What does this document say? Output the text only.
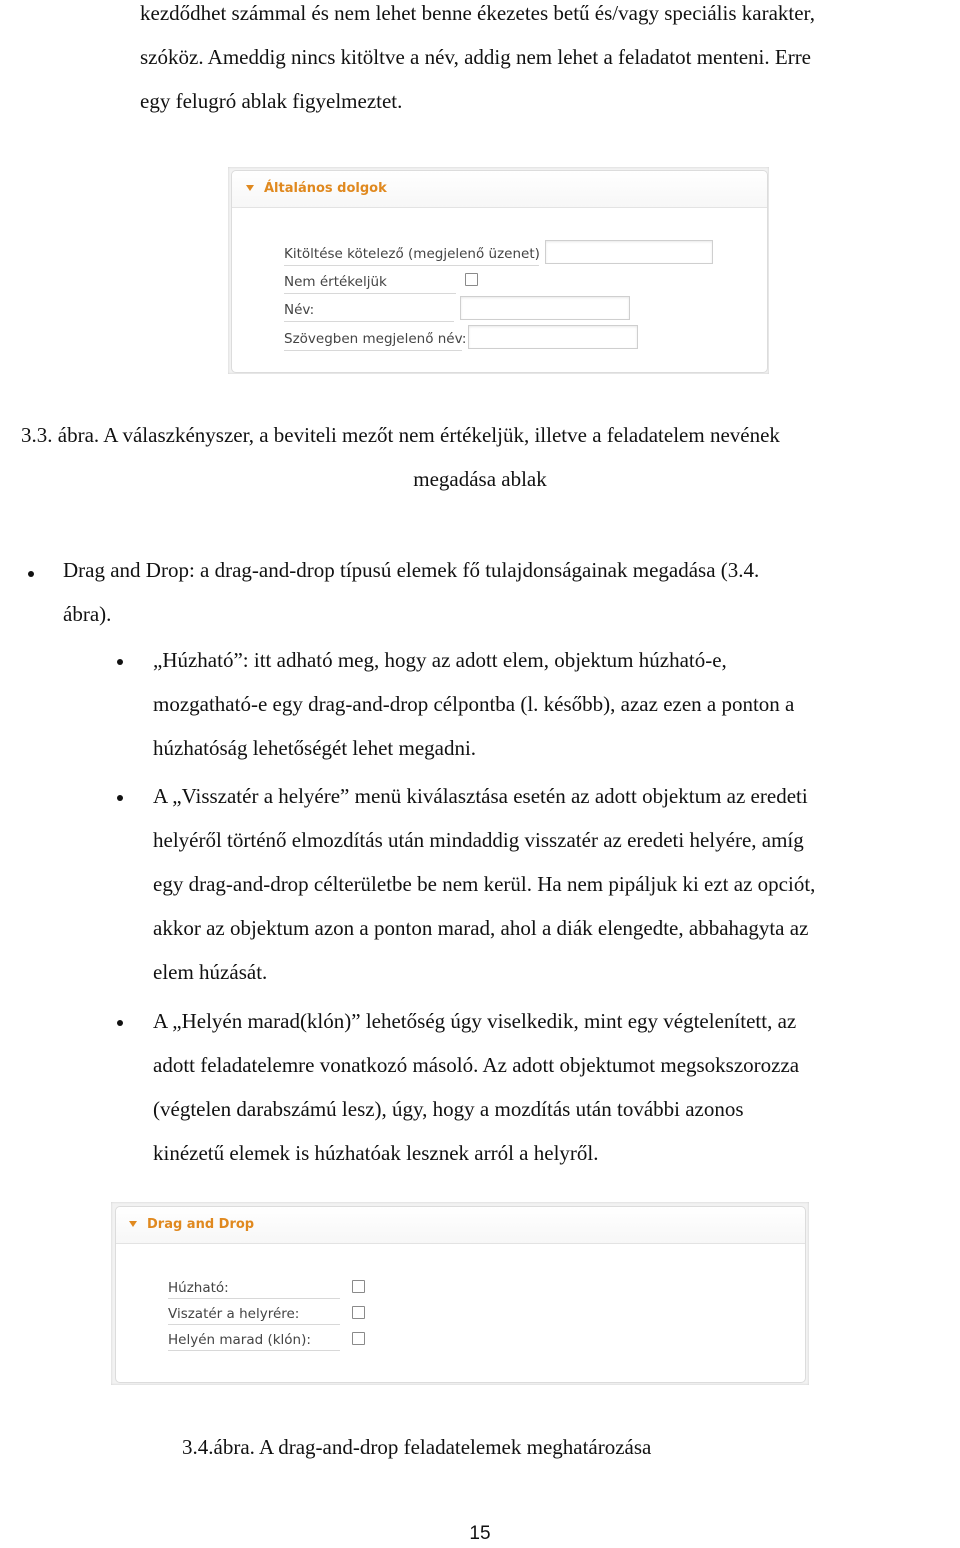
kezdődhet számmal és nem lehet benne ékezetes betű és/vagy speciális karakter,
szóköz. Ameddig nincs kitöltve a név, addig nem lehet a feladatot menteni. Erre
egy felugró ablak figyelmeztet.
Általános dolgok
Kitöltése kötelező (megjelenő üzenet)
Nem értékeljük
Név:
Szövegben megjelenő név:
3.3. ábra. A válaszkényszer, a beviteli mezőt nem értékeljük, illetve a feladatelem nevének
megadása ablak
Drag and Drop: a drag-and-drop típusú elemek fő tulajdonságainak megadása (3.4.
ábra).
„Húzható”: itt adható meg, hogy az adott elem, objektum húzható-e,
mozgatható-e egy drag-and-drop célpontba (l. később), azaz ezen a ponton a
húzhatóság lehetőségét lehet megadni.
A „Visszatér a helyére” menü kiválasztása esetén az adott objektum az eredeti
helyéről történő elmozdítás után mindaddig visszatér az eredeti helyére, amíg
egy drag-and-drop célterületbe be nem kerül. Ha nem pipáljuk ki ezt az opciót,
akkor az objektum azon a ponton marad, ahol a diák elengedte, abbahagyta az
elem húzását.
A „Helyén marad(klón)” lehetőség úgy viselkedik, mint egy végtelenített, az
adott feladatelemre vonatkozó másoló. Az adott objektumot megsokszorozza
(végtelen darabszámú lesz), úgy, hogy a mozdítás után további azonos
kinézetű elemek is húzhatóak lesznek arról a helyről.
Drag and Drop
Húzható:
Viszatér a helyrére:
Helyén marad (klón):
3.4.ábra. A drag-and-drop feladatelemek meghatározása
15
